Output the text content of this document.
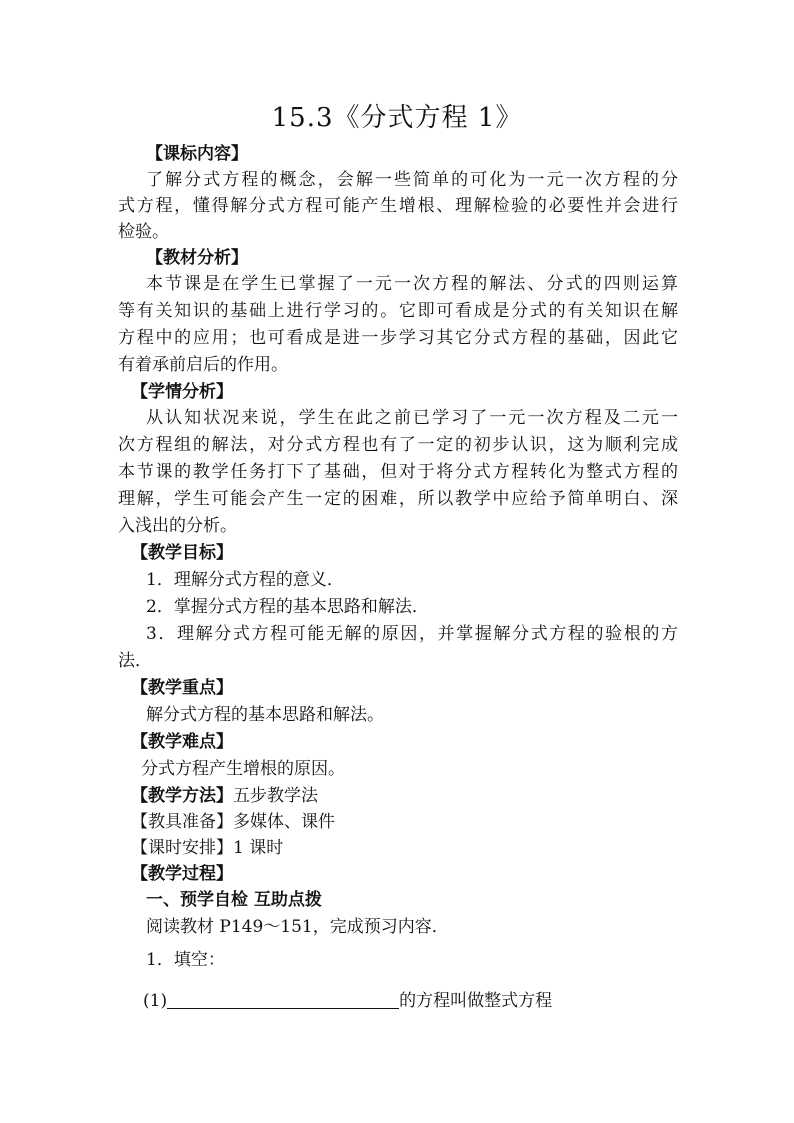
15.3《分式方程 1》
【课标内容】
了解分式方程的概念，会解一些简单的可化为一元一次方程的分
式方程，懂得解分式方程可能产生增根、理解检验的必要性并会进行
检验。
【教材分析】
本节课是在学生已掌握了一元一次方程的解法、分式的四则运算
等有关知识的基础上进行学习的。它即可看成是分式的有关知识在解
方程中的应用；也可看成是进一步学习其它分式方程的基础，因此它
有着承前启后的作用。
【学情分析】
从认知状况来说，学生在此之前已学习了一元一次方程及二元一
次方程组的解法，对分式方程也有了一定的初步认识，这为顺利完成
本节课的教学任务打下了基础，但对于将分式方程转化为整式方程的
理解，学生可能会产生一定的困难，所以教学中应给予简单明白、深
入浅出的分析。
【教学目标】
1．理解分式方程的意义．
2．掌握分式方程的基本思路和解法．
3．理解分式方程可能无解的原因，并掌握解分式方程的验根的方
法．
【教学重点】
解分式方程的基本思路和解法。
【教学难点】
分式方程产生增根的原因。
【教学方法】五步教学法
【教具准备】多媒体、课件
【课时安排】1 课时
【教学过程】
一、预学自检 互助点拨
阅读教材 P149～151，完成预习内容．
1．填空：
(1)	的方程叫做整式方程
